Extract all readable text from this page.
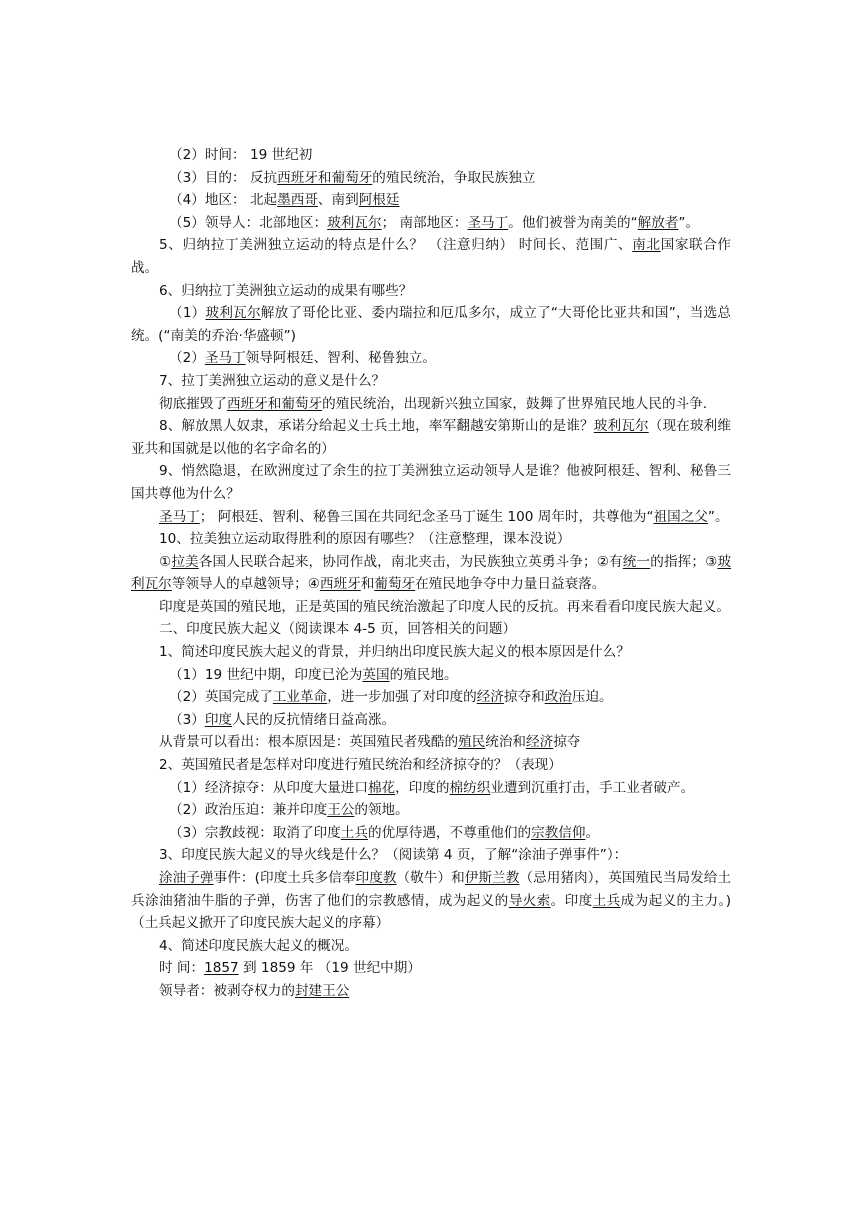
（2）时间： 19 世纪初

（3）目的： 反抗西班牙和葡萄牙的殖民统治，争取民族独立

（4）地区： 北起墨西哥、南到阿根廷

（5）领导人：北部地区：玻利瓦尔； 南部地区：圣马丁。他们被誉为南美的“解放者”。

5、归纳拉丁美洲独立运动的特点是什么？ （注意归纳） 时间长、范围广、南北国家联合作战。

6、归纳拉丁美洲独立运动的成果有哪些？

（1）玻利瓦尔解放了哥伦比亚、委内瑞拉和厄瓜多尔，成立了“大哥伦比亚共和国”，当选总统。(“南美的乔治·华盛顿”)

（2）圣马丁领导阿根廷、智利、秘鲁独立。

7、拉丁美洲独立运动的意义是什么？

彻底摧毁了西班牙和葡萄牙的殖民统治，出现新兴独立国家，鼓舞了世界殖民地人民的斗争.

8、解放黑人奴隶，承诺分给起义士兵土地，率军翻越安第斯山的是谁？玻利瓦尔（现在玻利维亚共和国就是以他的名字命名的）

9、悄然隐退，在欧洲度过了余生的拉丁美洲独立运动领导人是谁？他被阿根廷、智利、秘鲁三国共尊他为什么？

圣马丁； 阿根廷、智利、秘鲁三国在共同纪念圣马丁诞生 100 周年时，共尊他为“祖国之父”。

10、拉美独立运动取得胜利的原因有哪些？（注意整理，课本没说）

①拉美各国人民联合起来，协同作战，南北夹击，为民族独立英勇斗争；②有统一的指挥；③玻利瓦尔等领导人的卓越领导；④西班牙和葡萄牙在殖民地争夺中力量日益衰落。

印度是英国的殖民地，正是英国的殖民统治激起了印度人民的反抗。再来看看印度民族大起义。

二、印度民族大起义（阅读课本 4-5 页，回答相关的问题）

1、简述印度民族大起义的背景，并归纳出印度民族大起义的根本原因是什么？

（1）19 世纪中期，印度已沦为英国的殖民地。

（2）英国完成了工业革命，进一步加强了对印度的经济掠夺和政治压迫。

（3）印度人民的反抗情绪日益高涨。

从背景可以看出：根本原因是：英国殖民者残酷的殖民统治和经济掠夺

2、英国殖民者是怎样对印度进行殖民统治和经济掠夺的？（表现）

（1）经济掠夺：从印度大量进口棉花，印度的棉纺织业遭到沉重打击，手工业者破产。

（2）政治压迫：兼并印度王公的领地。

（3）宗教歧视：取消了印度土兵的优厚待遇，不尊重他们的宗教信仰。

3、印度民族大起义的导火线是什么？（阅读第 4 页，了解“涂油子弹事件”）：

涂油子弹事件：(印度土兵多信奉印度教（敬牛）和伊斯兰教（忌用猪肉），英国殖民当局发给土兵涂油猪油牛脂的子弹，伤害了他们的宗教感情，成为起义的导火索。印度土兵成为起义的主力。)（土兵起义掀开了印度民族大起义的序幕）

4、简述印度民族大起义的概况。

时 间：1857 到 1859 年 （19 世纪中期）

领导者：被剥夺权力的封建王公
